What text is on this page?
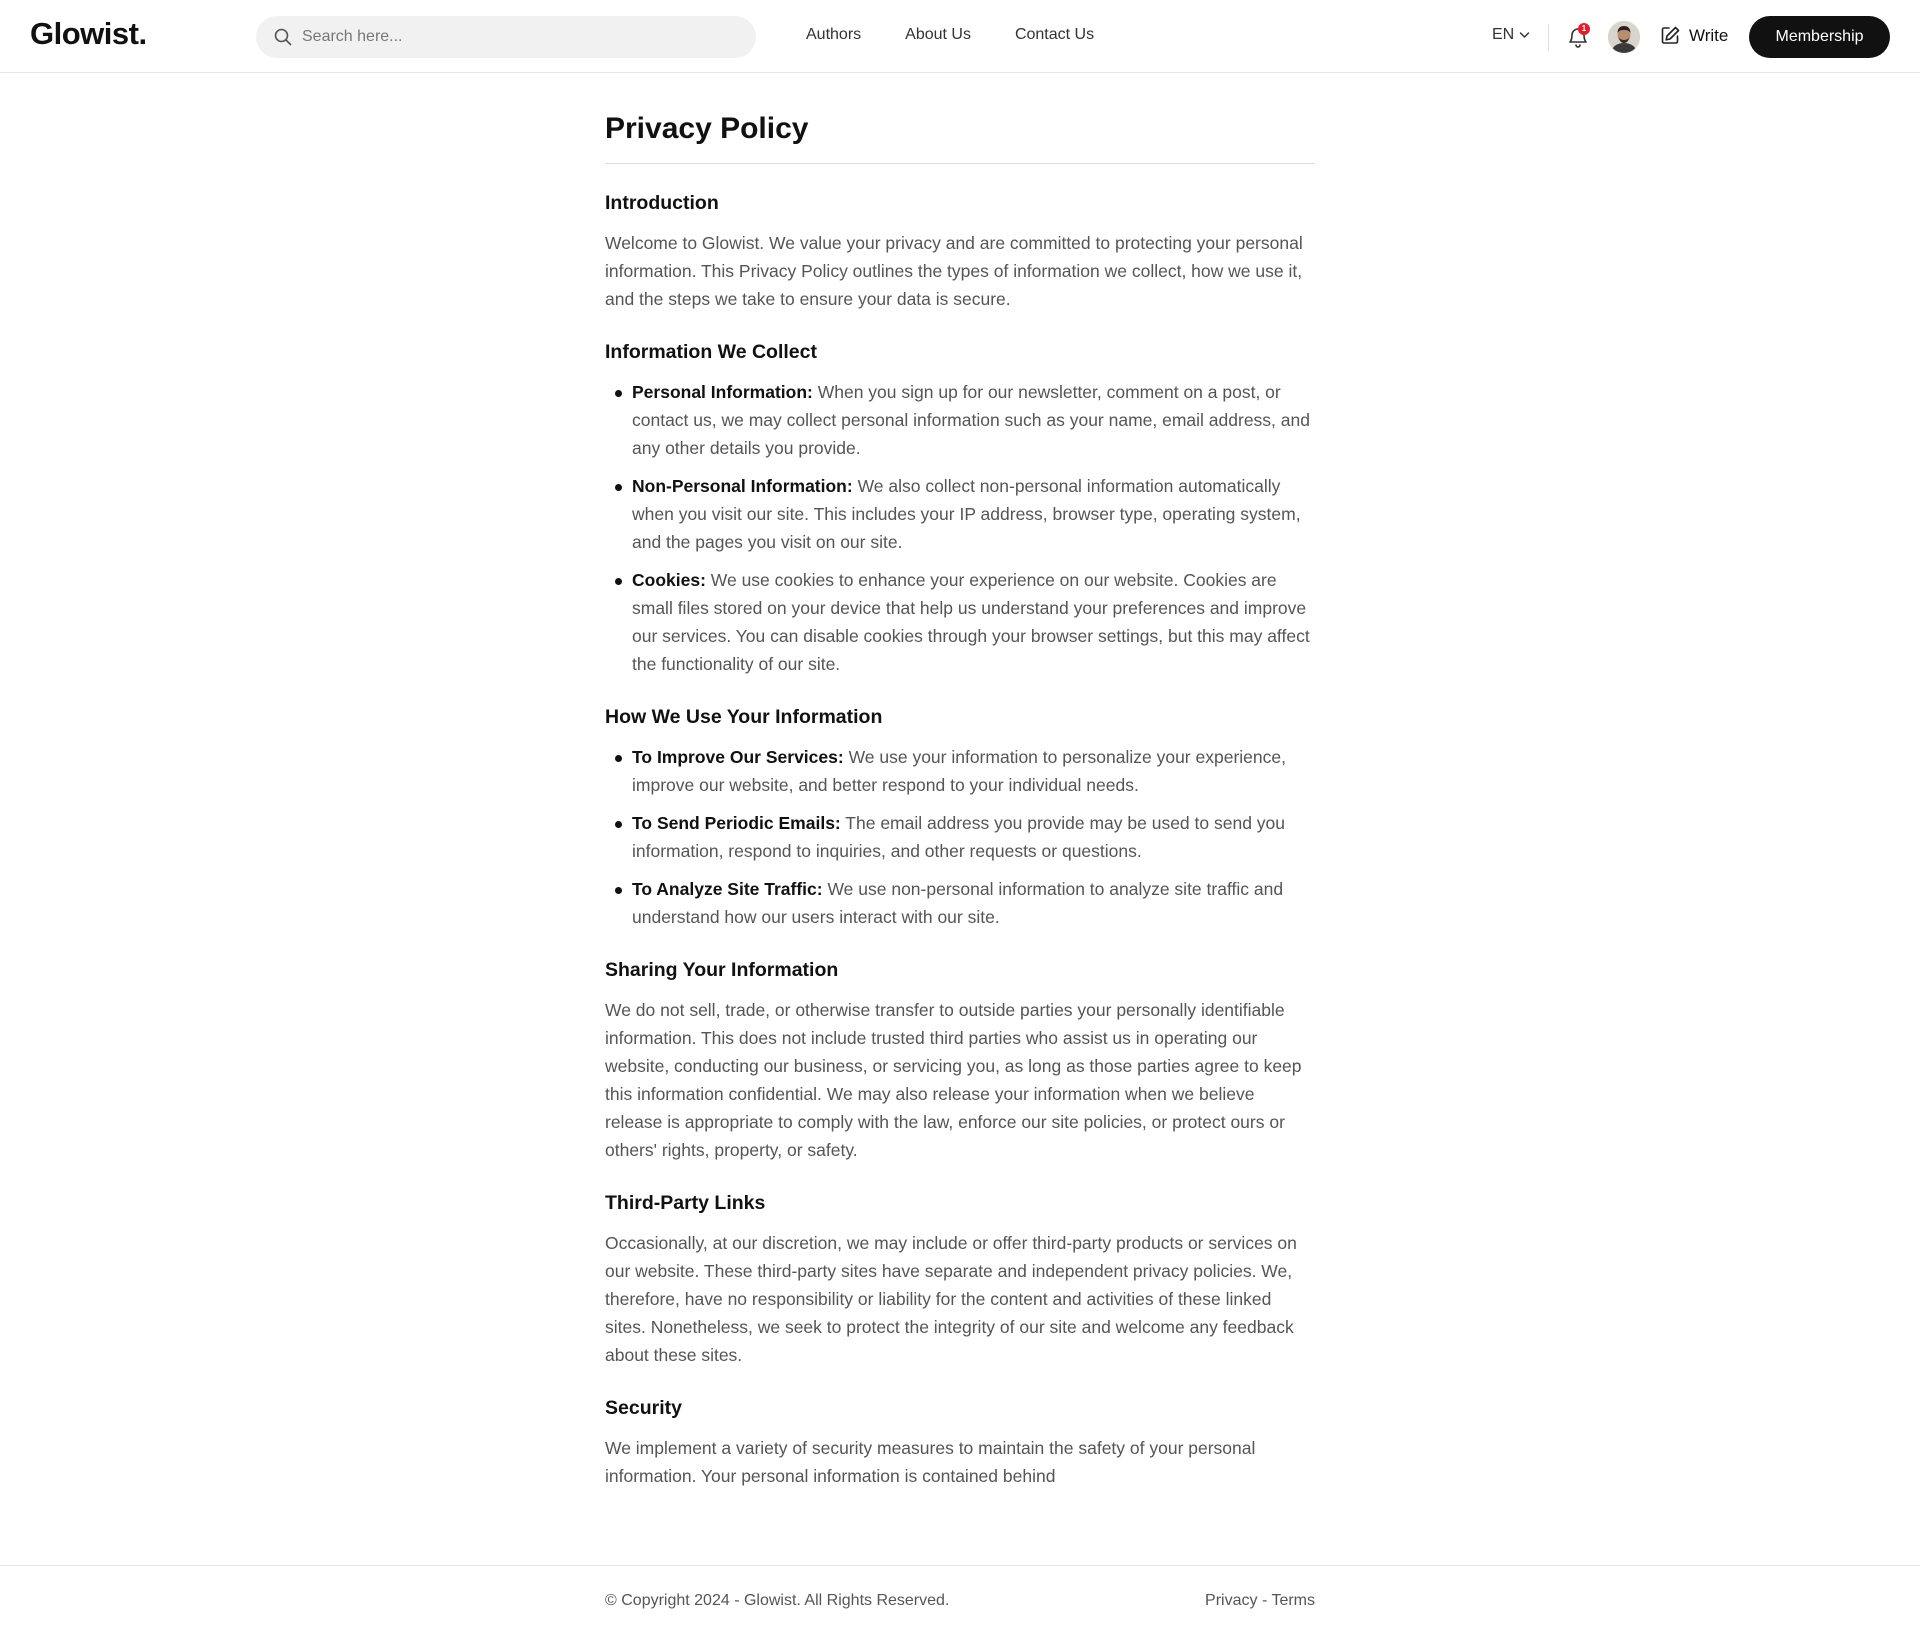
Glowist.
Search here...	Authors	About Us	Contact Us	EN	1	Write	Membership
Privacy Policy
Introduction

Welcome to Glowist. We value your privacy and are committed to protecting your personal information. This Privacy Policy outlines the types of information we collect, how we use it, and the steps we take to ensure your data is secure.

Information We Collect
Personal Information: When you sign up for our newsletter, comment on a post, or contact us, we may collect personal information such as your name, email address, and any other details you provide.
Non-Personal Information: We also collect non-personal information automatically when you visit our site. This includes your IP address, browser type, operating system, and the pages you visit on our site.
Cookies: We use cookies to enhance your experience on our website. Cookies are small files stored on your device that help us understand your preferences and improve our services. You can disable cookies through your browser settings, but this may affect the functionality of our site.
How We Use Your Information
To Improve Our Services: We use your information to personalize your experience, improve our website, and better respond to your individual needs.
To Send Periodic Emails: The email address you provide may be used to send you information, respond to inquiries, and other requests or questions.
To Analyze Site Traffic: We use non-personal information to analyze site traffic and understand how our users interact with our site.
Sharing Your Information

We do not sell, trade, or otherwise transfer to outside parties your personally identifiable information. This does not include trusted third parties who assist us in operating our website, conducting our business, or servicing you, as long as those parties agree to keep this information confidential. We may also release your information when we believe release is appropriate to comply with the law, enforce our site policies, or protect ours or others' rights, property, or safety.

Third-Party Links

Occasionally, at our discretion, we may include or offer third-party products or services on our website. These third-party sites have separate and independent privacy policies. We, therefore, have no responsibility or liability for the content and activities of these linked sites. Nonetheless, we seek to protect the integrity of our site and welcome any feedback about these sites.

Security

We implement a variety of security measures to maintain the safety of your personal information. Your personal information is contained behind

© Copyright 2024 - Glowist. All Rights Reserved.	Privacy - Terms
